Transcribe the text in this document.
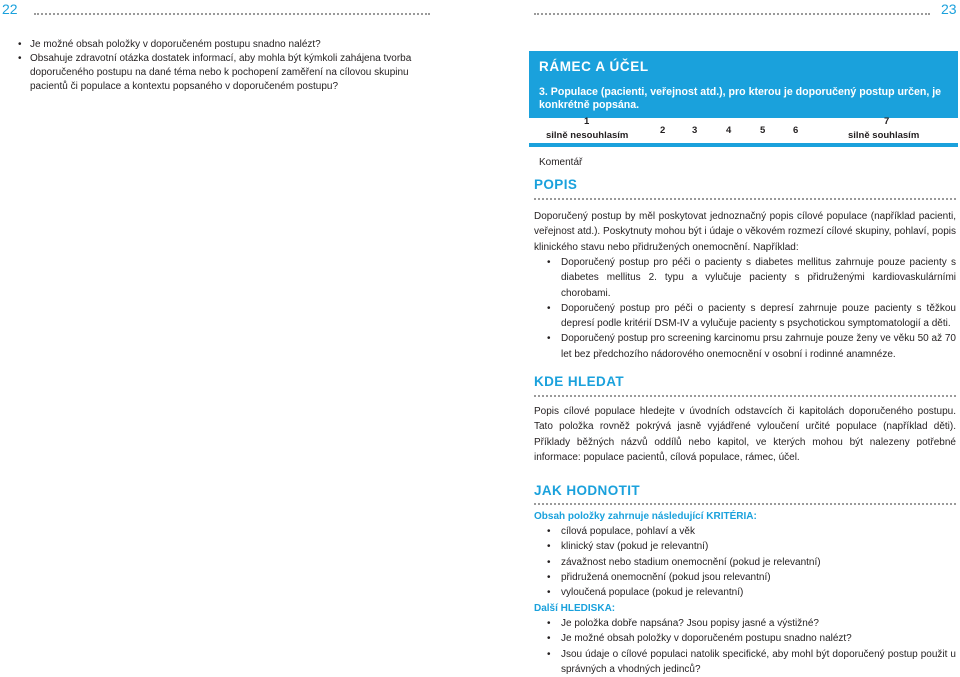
22	23
• Je možné obsah položky v doporučeném postupu snadno nalézt?
• Obsahuje zdravotní otázka dostatek informací, aby mohla být kýmkoli zahájena tvorba doporučeného postupu na dané téma nebo k pochopení zaměření na cílovou skupinu pacientů či populace a kontextu popsaného v doporučeném postupu?
RÁMEC A ÚČEL

3. Populace (pacienti, veřejnost atd.), pro kterou je doporučený postup určen, je konkrétně popsána.

1
silně nesouhlasím	2	3	4	5	6
7
silně souhlasím
Komentář
POPIS

Doporučený postup by měl poskytovat jednoznačný popis cílové populace (například pacienti, veřejnost atd.). Poskytnuty mohou být i údaje o věkovém rozmezí cílové skupiny, pohlaví, popis klinického stavu nebo přidružených onemocnění. Například:

• Doporučený postup pro péči o pacienty s diabetes mellitus zahrnuje pouze pacienty s diabetes mellitus 2. typu a vylučuje pacienty s přidruženými kardiovaskulárními chorobami.
• Doporučený postup pro péči o pacienty s depresí zahrnuje pouze pacienty s těžkou depresí podle kritérií DSM-IV a vylučuje pacienty s psychotickou symptomatologií a děti.
• Doporučený postup pro screening karcinomu prsu zahrnuje pouze ženy ve věku 50 až 70 let bez předchozího nádorového onemocnění v osobní i rodinné anamnéze.
KDE HLEDAT

Popis cílové populace hledejte v úvodních odstavcích či kapitolách doporučeného postupu. Tato položka rovněž pokrývá jasně vyjádřené vyloučení určité populace (například děti). Příklady běžných názvů oddílů nebo kapitol, ve kterých mohou být nalezeny potřebné informace: populace pacientů, cílová populace, rámec, účel.

JAK HODNOTIT
Obsah položky zahrnuje následující KRITÉRIA:
• cílová populace, pohlaví a věk
• klinický stav (pokud je relevantní)
• závažnost nebo stadium onemocnění (pokud je relevantní)
• přidružená onemocnění (pokud jsou relevantní)
• vyloučená populace (pokud je relevantní)
Další HLEDISKA:
• Je položka dobře napsána? Jsou popisy jasné a výstižné?
• Je možné obsah položky v doporučeném postupu snadno nalézt?
• Jsou údaje o cílové populaci natolik specifické, aby mohl být doporučený postup použit u správných a vhodných jedinců?
